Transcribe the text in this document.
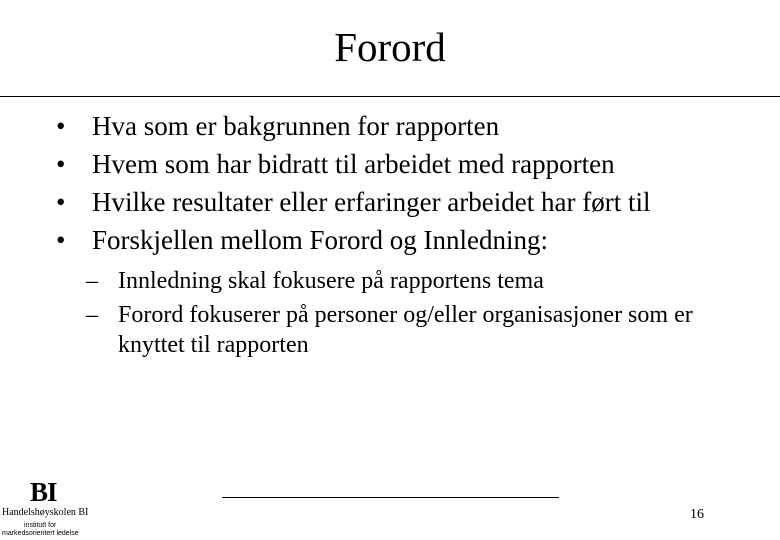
Forord
• Hva som er bakgrunnen for rapporten
• Hvem som har bidratt til arbeidet med rapporten
• Hvilke resultater eller erfaringer arbeidet har ført til
• Forskjellen mellom Forord og Innledning:
– Innledning skal fokusere på rapportens tema
– Forord fokuserer på personer og/eller organisasjoner som er knyttet til rapporten
16
BI
Handelshøyskolen BI
institutt for
markedsorientert ledelse
